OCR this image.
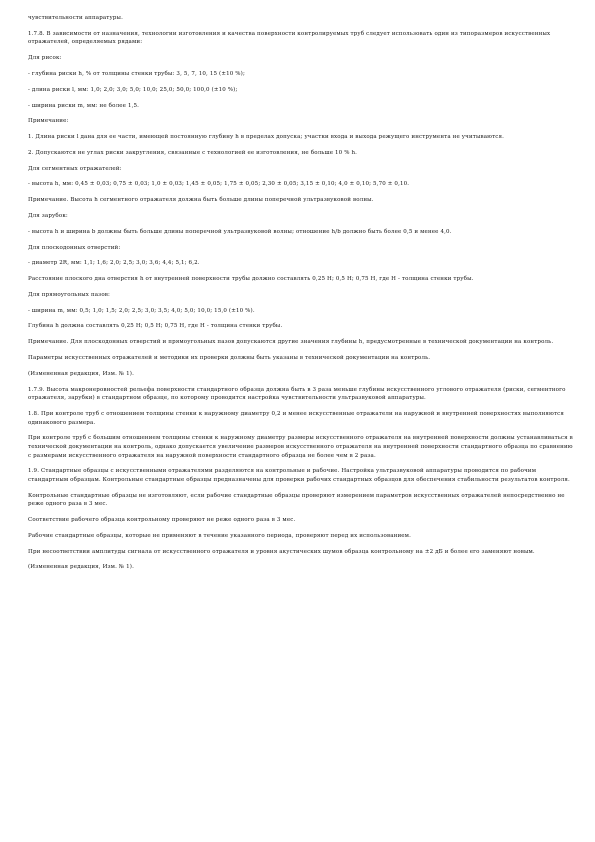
чувствительности аппаратуры.

1.7.8. В зависимости от назначения, технологии изготовления и качества поверхности контролируемых труб следует использовать один из типоразмеров искусственных отражателей, определяемых рядами:

Для рисок:

- глубина риски h, % от толщины стенки трубы: 3, 5, 7, 10, 15 (±10 %);

- длина риски l, мм: 1,0; 2,0; 3,0; 5,0; 10,0; 25,0; 50,0; 100,0 (±10 %);

- ширина риски m, мм: не более 1,5.

Примечание:

1. Длина риски l дана для ее части, имеющей постоянную глубину h в пределах допуска; участки входа и выхода режущего инструмента не учитываются.

2. Допускаются не углах риски закругления, связанные с технологией ее изготовления, не больше 10 % h.

Для сегментных отражателей:

- высота h, мм: 0,45 ± 0,03; 0,75 ± 0,03; 1,0 ± 0,03; 1,45 ± 0,05; 1,75 ± 0,05; 2,30 ± 0,05; 3,15 ± 0,10; 4,0 ± 0,10; 5,70 ± 0,10.

Примечание. Высота h сегментного отражателя должна быть больше длины поперечной ультразвуковой волны.

Для зарубок:

- высота h и ширина b должны быть больше длины поперечной ультразвуковой волны; отношение h/b должно быть более 0,5 и менее 4,0.

Для плоскодонных отверстий:

- диаметр 2R, мм: 1,1; 1,6; 2,0; 2,5; 3,0; 3,6; 4,4; 5,1; 6,2.

Расстояние плоского дна отверстия h от внутренней поверхности трубы должно составлять 0,25 H; 0,5 H; 0,75 H, где H - толщина стенки трубы.

Для прямоугольных пазов:

- ширина m, мм: 0,5; 1,0; 1,5; 2,0; 2,5; 3,0; 3,5; 4,0; 5,0; 10,0; 15,0 (±10 %).

Глубина h должна составлять 0,25 H; 0,5 H; 0,75 H, где H - толщина стенки трубы.

Примечание. Для плоскодонных отверстий и прямоугольных пазов допускаются другие значения глубины h, предусмотренные в технической документации на контроль.

Параметры искусственных отражателей и методики их проверки должны быть указаны в технической документации на контроль.

(Измененная редакция, Изм. № 1).

1.7.9. Высота макронеровностей рельефа поверхности стандартного образца должна быть в 3 раза меньше глубины искусственного углового отражателя (риски, сегментного отражателя, зарубки) в стандартном образце, по которому проводится настройка чувствительности ультразвуковой аппаратуры.

1.8. При контроле труб с отношением толщины стенки к наружному диаметру 0,2 и менее искусственные отражатели на наружной и внутренней поверхностях выполняются одинакового размера.

При контроле труб с большим отношением толщины стенки к наружному диаметру размеры искусственного отражателя на внутренней поверхности должны устанавливаться в технической документации на контроль, однако допускается увеличение размеров искусственного отражателя на внутренней поверхности стандартного образца по сравнению с размерами искусственного отражателя на наружной поверхности стандартного образца не более чем в 2 раза.

1.9. Стандартные образцы с искусственными отражателями разделяются на контрольные и рабочие. Настройка ультразвуковой аппаратуры проводится по рабочим стандартным образцам. Контрольные стандартные образцы предназначены для проверки рабочих стандартных образцов для обеспечения стабильности результатов контроля.

Контрольные стандартные образцы не изготовляют, если рабочие стандартные образцы проверяют измерением параметров искусственных отражателей непосредственно не реже одного раза в 3 мес.

Соответствие рабочего образца контрольному проверяют не реже одного раза в 3 мес.

Рабочие стандартные образцы, которые не применяют в течение указанного периода, проверяют перед их использованием.

При несоответствии амплитуды сигнала от искусственного отражателя и уровня акустических шумов образца контрольному на ±2 дБ и более его заменяют новым.

(Измененная редакция, Изм. № 1).
